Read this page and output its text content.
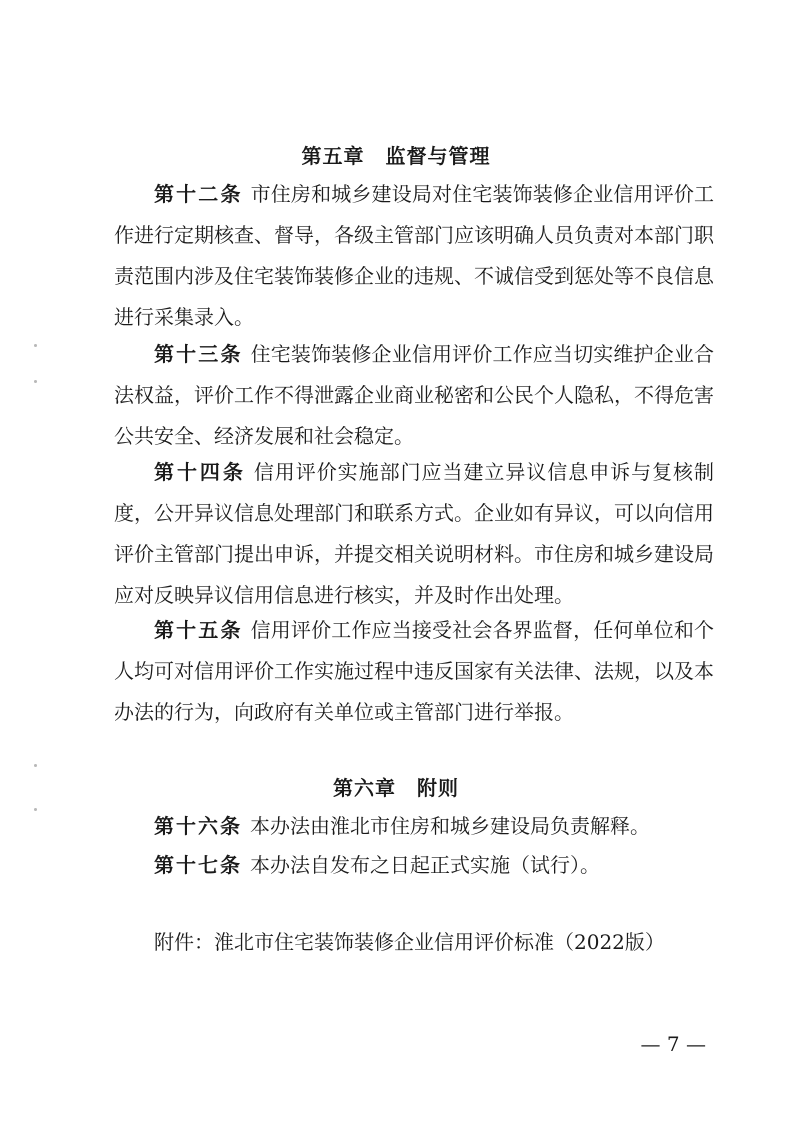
第五章　监督与管理

第十二条 市住房和城乡建设局对住宅装饰装修企业信用评价工作进行定期核查、督导，各级主管部门应该明确人员负责对本部门职责范围内涉及住宅装饰装修企业的违规、不诚信受到惩处等不良信息进行采集录入。

第十三条 住宅装饰装修企业信用评价工作应当切实维护企业合法权益，评价工作不得泄露企业商业秘密和公民个人隐私，不得危害公共安全、经济发展和社会稳定。

第十四条 信用评价实施部门应当建立异议信息申诉与复核制度，公开异议信息处理部门和联系方式。企业如有异议，可以向信用评价主管部门提出申诉，并提交相关说明材料。市住房和城乡建设局应对反映异议信用信息进行核实，并及时作出处理。

第十五条 信用评价工作应当接受社会各界监督，任何单位和个人均可对信用评价工作实施过程中违反国家有关法律、法规，以及本办法的行为，向政府有关单位或主管部门进行举报。

第六章　附则

第十六条 本办法由淮北市住房和城乡建设局负责解释。

第十七条 本办法自发布之日起正式实施（试行）。

附件：淮北市住宅装饰装修企业信用评价标准（2022版）

— 7 —
